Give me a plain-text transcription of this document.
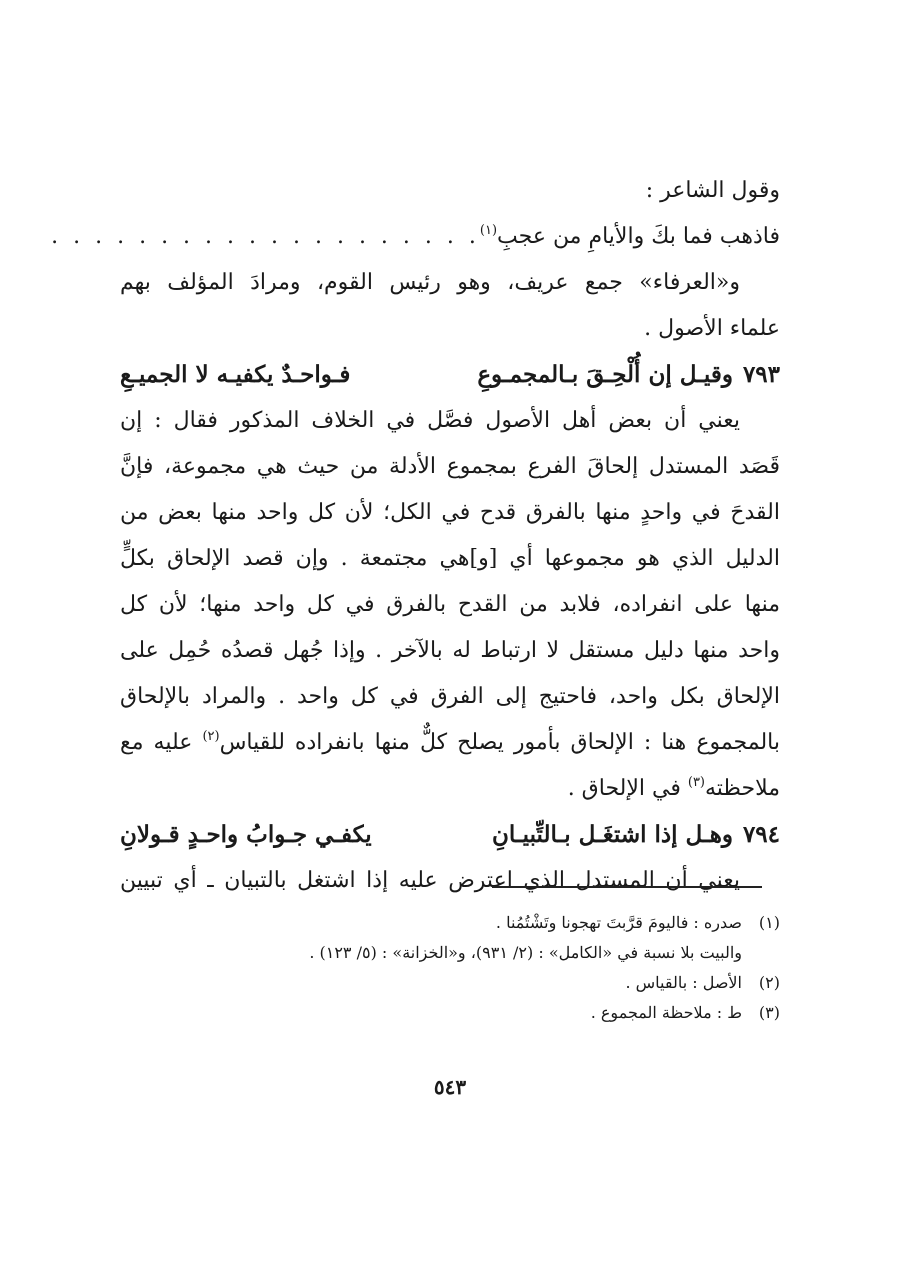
وقول الشاعر :
فاذهب فما بكَ والأيامِ من عجبِ$^{(١)}$
. . . . . . . . . . . . . . . . . . . .
و«العرفاء» جمع عريف، وهو رئيس القوم، ومرادَ المؤلف بهم
علماء الأصول .
٧٩٣
وقيـل إن أُلْحِـقَ بـالمجمـوعِ
فـواحـدٌ يكفيـه لا الجميـعِ
يعني أن بعض أهل الأصول فصَّل في الخلاف المذكور فقال : إن
قَصَد المستدل إلحاقَ الفرع بمجموع الأدلة من حيث هي مجموعة، فإنَّ
القدحَ في واحدٍ منها بالفرق قدح في الكل؛ لأن كل واحد منها بعض من
الدليل الذي هو مجموعها أي [و]هي مجتمعة . وإن قصد الإلحاق بكلٍّ
منها على انفراده، فلابد من القدح بالفرق في كل واحد منها؛ لأن كل
واحد منها دليل مستقل لا ارتباط له بالآخر . وإذا جُهل قصدُه حُمِل على
الإلحاق بكل واحد، فاحتيج إلى الفرق في كل واحد . والمراد بالإلحاق
بالمجموع هنا : الإلحاق بأمور يصلح كلٌّ منها بانفراده للقياس$^{(٢)}$ عليه مع
ملاحظته$^{(٣)}$ في الإلحاق .
٧٩٤
وهـل إذا اشتغَـل بـالتِّبيـانِ
يكفـي جـوابُ واحـدٍ قـولانِ
يعني أن المستدل الذي اعترض عليه إذا اشتغل بالتبيان ـ أي تبيين
(١)صدره : فاليومَ قرَّبتَ تهجونا وتَشْتُمُنا .
والبيت بلا نسبة في «الكامل» : (٢/ ٩٣١)، و«الخزانة» : (٥/ ١٢٣) .
(٢)الأصل : بالقياس .
(٣)ط : ملاحظة المجموع .
٥٤٣
